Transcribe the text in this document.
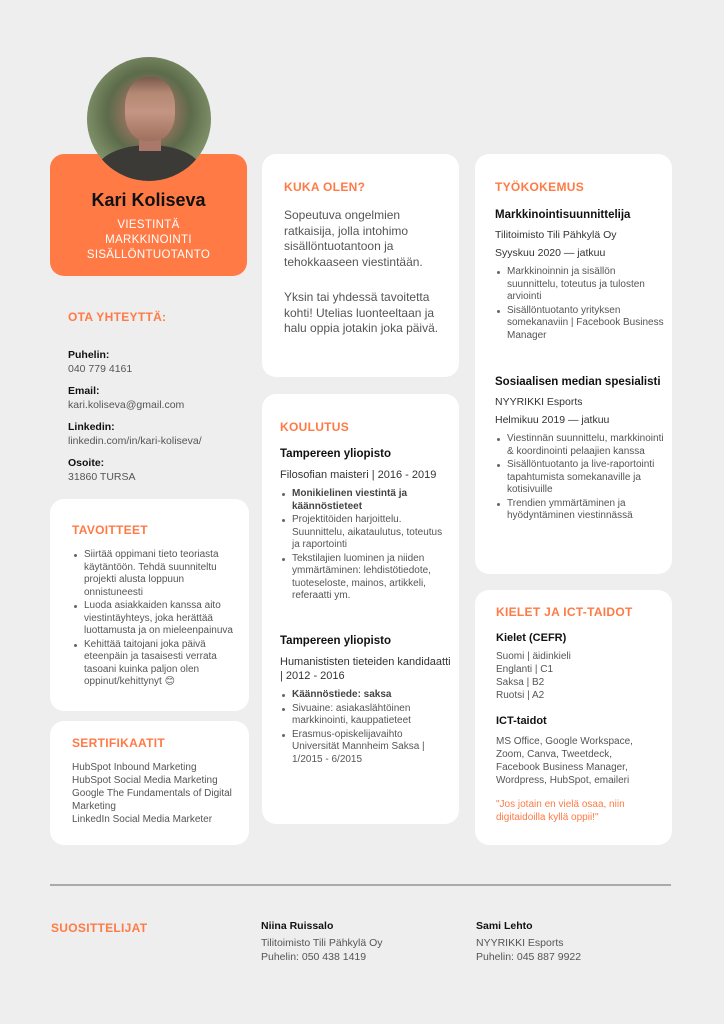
Kari Koliseva
VIESTINTÄ
MARKKINOINTI
SISÄLLÖNTUOTANTO
OTA YHTEYTTÄ:
Puhelin:
040 779 4161
Email:
kari.koliseva@gmail.com
Linkedin:
linkedin.com/in/kari-koliseva/
Osoite:
31860 TURSA
TAVOITTEET
Siirtää oppimani tieto teoriasta käytäntöön. Tehdä suunniteltu projekti alusta loppuun onnistuneesti
Luoda asiakkaiden kanssa aito viestintäyhteys, joka herättää luottamusta ja on mieleenpainuva
Kehittää taitojani joka päivä eteenpäin ja tasaisesti verrata tasoani kuinka paljon olen oppinut/kehittynyt 😊
SERTIFIKAATIT
HubSpot Inbound Marketing
HubSpot Social Media Marketing
Google The Fundamentals of Digital Marketing
LinkedIn Social Media Marketer
KUKA OLEN?
Sopeutuva ongelmien ratkaisija, jolla intohimo sisällöntuotantoon ja tehokkaaseen viestintään.
Yksin tai yhdessä tavoitetta kohti! Utelias luonteeltaan ja halu oppia jotakin joka päivä.
KOULUTUS
Tampereen yliopisto
Filosofian maisteri | 2016 - 2019
Monikielinen viestintä ja käännöstieteet
Projektitöiden harjoittelu. Suunnittelu, aikataulutus, toteutus ja raportointi
Tekstilajien luominen ja niiden ymmärtäminen: lehdistötiedote, tuoteseloste, mainos, artikkeli, referaatti ym.
Tampereen yliopisto
Humanististen tieteiden kandidaatti | 2012 - 2016
Käännöstiede: saksa
Sivuaine: asiakaslähtöinen markkinointi, kauppatieteet
Erasmus-opiskelijavaihto Universität Mannheim Saksa | 1/2015 - 6/2015
TYÖKOKEMUS
Markkinointisuunnittelija
Tilitoimisto Tili Pähkylä Oy
Syyskuu 2020 — jatkuu
Markkinoinnin ja sisällön suunnittelu, toteutus ja tulosten arviointi
Sisällöntuotanto yrityksen somekanaviin | Facebook Business Manager
Sosiaalisen median spesialisti
NYYRIKKI Esports
Helmikuu 2019 — jatkuu
Viestinnän suunnittelu, markkinointi & koordinointi pelaajien kanssa
Sisällöntuotanto ja live-raportointi tapahtumista somekanaville ja kotisivuille
Trendien ymmärtäminen ja hyödyntäminen viestinnässä
KIELET JA ICT-TAIDOT
Kielet (CEFR)
Suomi | äidinkieli
Englanti | C1
Saksa | B2
Ruotsi | A2
ICT-taidot
MS Office, Google Workspace,
Zoom, Canva, Tweetdeck,
Facebook Business Manager,
Wordpress, HubSpot, emaileri
"Jos jotain en vielä osaa, niin digitaidoilla kyllä oppii!"
SUOSITTELIJAT	Niina Ruissalo
Tilitoimisto Tili Pähkylä Oy
Puhelin: 050 438 1419
Sami Lehto
NYYRIKKI Esports
Puhelin: 045 887 9922
